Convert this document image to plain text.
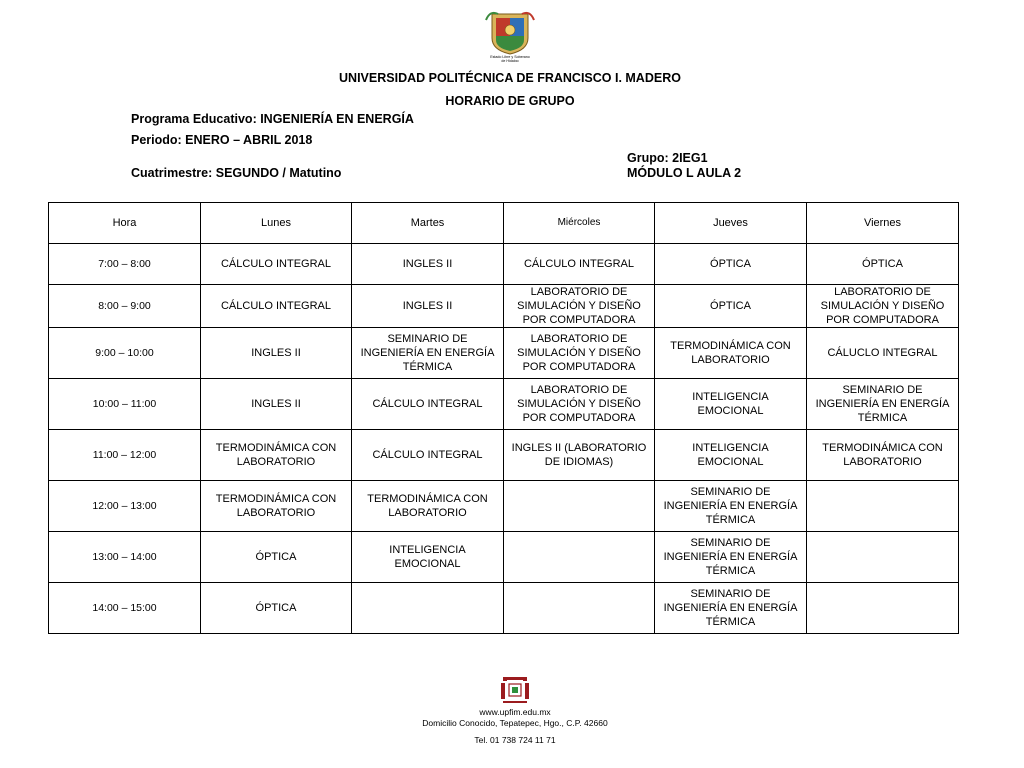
Estado Libre y Soberano
de Hidalgo
UNIVERSIDAD POLITÉCNICA DE FRANCISCO I. MADERO
HORARIO DE GRUPO
Programa Educativo: INGENIERÍA EN ENERGÍA
Periodo: ENERO – ABRIL 2018
Grupo: 2IEG1
Cuatrimestre: SEGUNDO / Matutino	MÓDULO L AULA 2
Hora	Lunes	Martes	Miércoles	Jueves	Viernes
7:00 – 8:00	CÁLCULO INTEGRAL	INGLES II	CÁLCULO INTEGRAL	ÓPTICA	ÓPTICA
8:00 – 9:00	CÁLCULO INTEGRAL	INGLES II	LABORATORIO DE SIMULACIÓN Y DISEÑO POR COMPUTADORA	ÓPTICA	LABORATORIO DE SIMULACIÓN Y DISEÑO POR COMPUTADORA
9:00 – 10:00	INGLES II	SEMINARIO DE INGENIERÍA EN ENERGÍA TÉRMICA	LABORATORIO DE SIMULACIÓN Y DISEÑO POR COMPUTADORA	TERMODINÁMICA CON LABORATORIO	CÁLUCLO INTEGRAL
10:00 – 11:00	INGLES II	CÁLCULO INTEGRAL	LABORATORIO DE SIMULACIÓN Y DISEÑO POR COMPUTADORA	INTELIGENCIA EMOCIONAL	SEMINARIO DE INGENIERÍA EN ENERGÍA TÉRMICA
11:00 – 12:00	TERMODINÁMICA CON LABORATORIO	CÁLCULO INTEGRAL	INGLES II (LABORATORIO DE IDIOMAS)	INTELIGENCIA EMOCIONAL	TERMODINÁMICA CON LABORATORIO
12:00 – 13:00	TERMODINÁMICA CON LABORATORIO	TERMODINÁMICA CON LABORATORIO		SEMINARIO DE INGENIERÍA EN ENERGÍA TÉRMICA	
13:00 – 14:00	ÓPTICA	INTELIGENCIA EMOCIONAL		SEMINARIO DE INGENIERÍA EN ENERGÍA TÉRMICA	
14:00 – 15:00	ÓPTICA			SEMINARIO DE INGENIERÍA EN ENERGÍA TÉRMICA	
www.upfim.edu.mx
Domicilio Conocido, Tepatepec, Hgo., C.P. 42660
Tel. 01 738 724 11 71
